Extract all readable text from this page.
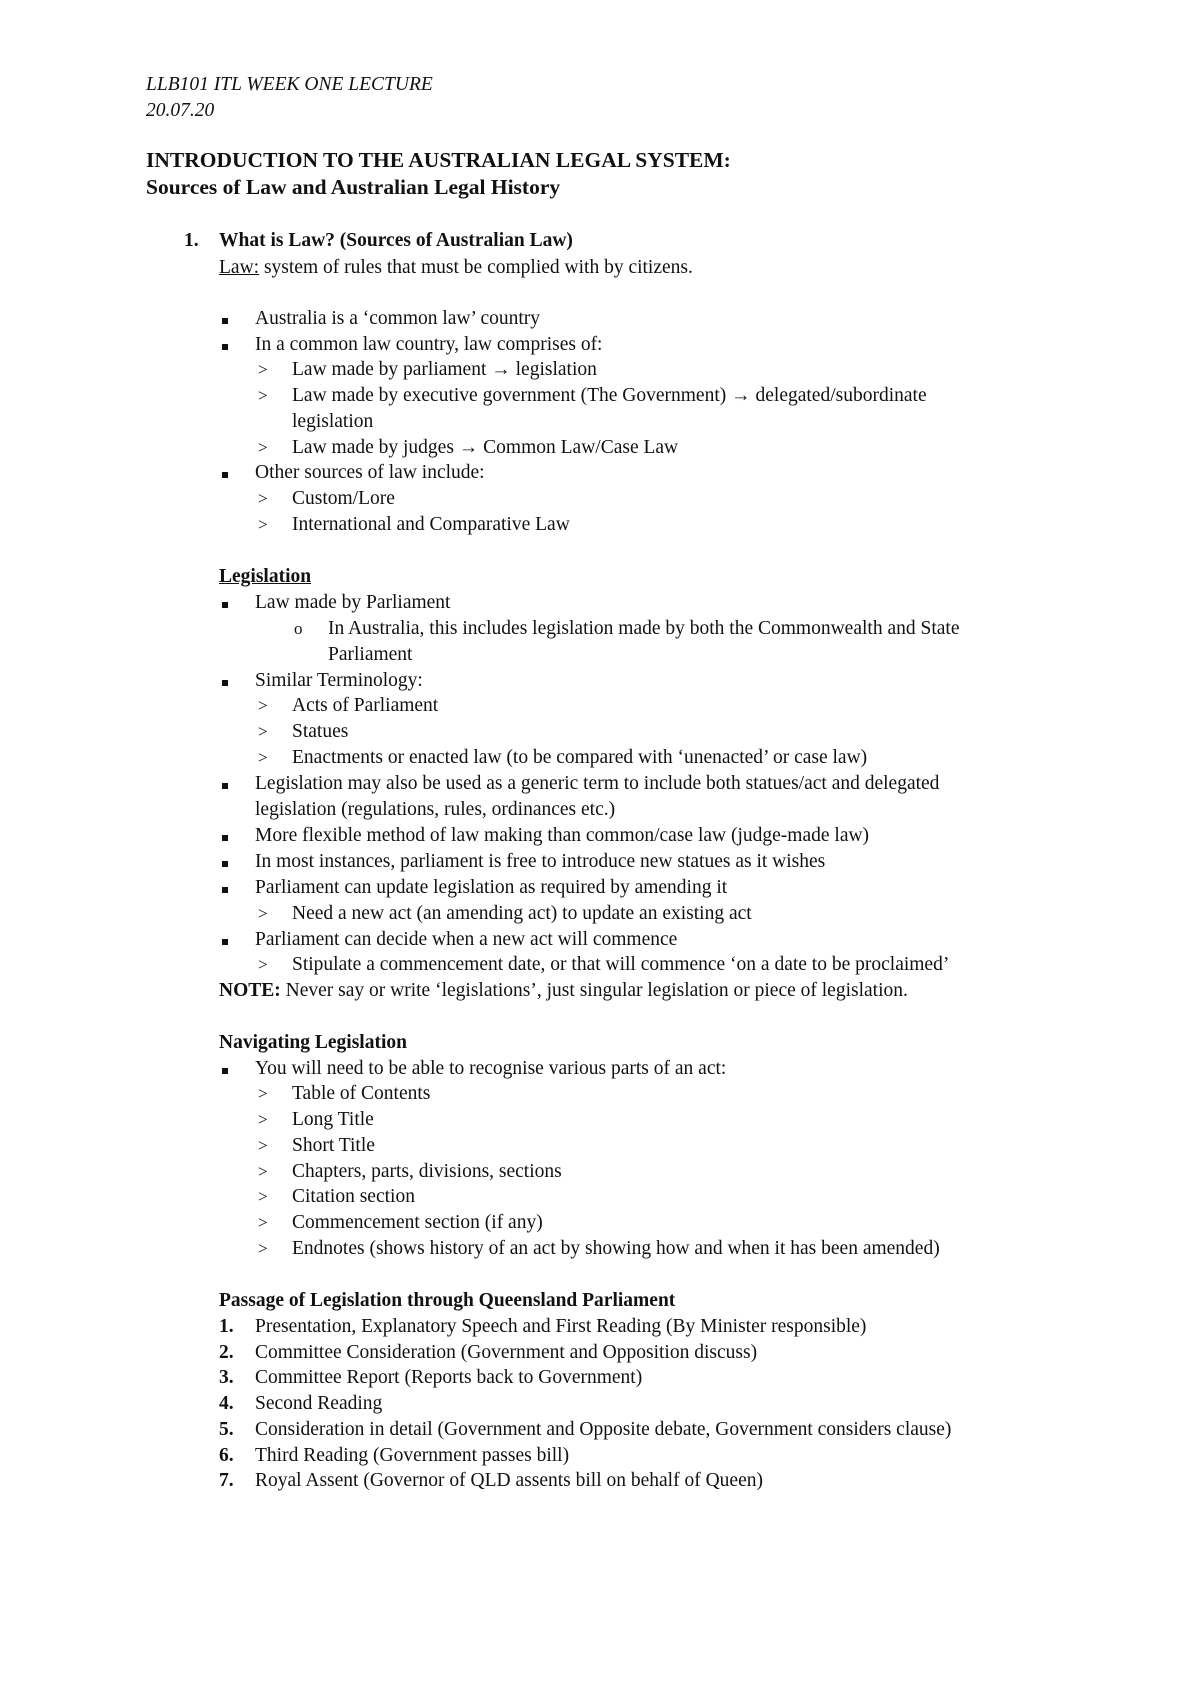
LLB101 ITL WEEK ONE LECTURE
20.07.20
INTRODUCTION TO THE AUSTRALIAN LEGAL SYSTEM:
Sources of Law and Australian Legal History
1. What is Law? (Sources of Australian Law)
Law: system of rules that must be complied with by citizens.
Australia is a ‘common law’ country
In a common law country, law comprises of:
> Law made by parliament → legislation
> Law made by executive government (The Government) → delegated/subordinate
legislation
> Law made by judges → Common Law/Case Law
Other sources of law include:
> Custom/Lore
> International and Comparative Law
Legislation
Law made by Parliament
o In Australia, this includes legislation made by both the Commonwealth and State
Parliament
Similar Terminology:
> Acts of Parliament
> Statues
> Enactments or enacted law (to be compared with ‘unenacted’ or case law)
Legislation may also be used as a generic term to include both statues/act and delegated
legislation (regulations, rules, ordinances etc.)
More flexible method of law making than common/case law (judge-made law)
In most instances, parliament is free to introduce new statues as it wishes
Parliament can update legislation as required by amending it
> Need a new act (an amending act) to update an existing act
Parliament can decide when a new act will commence
> Stipulate a commencement date, or that will commence ‘on a date to be proclaimed’
NOTE: Never say or write ‘legislations’, just singular legislation or piece of legislation.
Navigating Legislation
You will need to be able to recognise various parts of an act:
> Table of Contents
> Long Title
> Short Title
> Chapters, parts, divisions, sections
> Citation section
> Commencement section (if any)
> Endnotes (shows history of an act by showing how and when it has been amended)
Passage of Legislation through Queensland Parliament
1. Presentation, Explanatory Speech and First Reading (By Minister responsible)
2. Committee Consideration (Government and Opposition discuss)
3. Committee Report (Reports back to Government)
4. Second Reading
5. Consideration in detail (Government and Opposite debate, Government considers clause)
6. Third Reading (Government passes bill)
7. Royal Assent (Governor of QLD assents bill on behalf of Queen)
